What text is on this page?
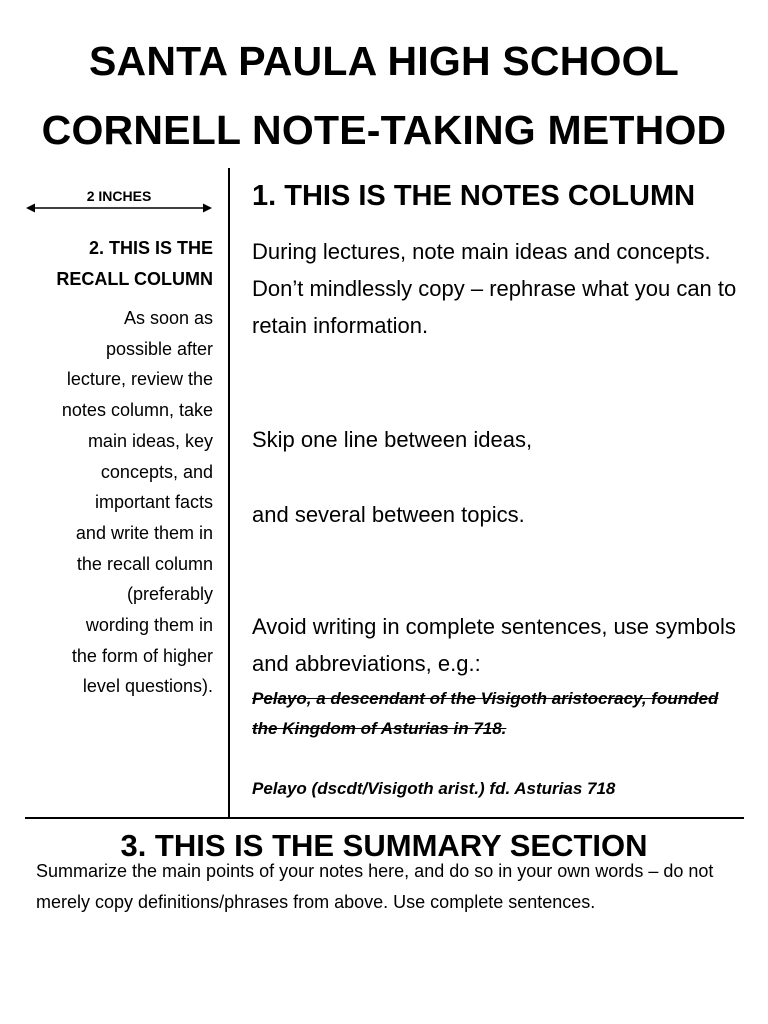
SANTA PAULA HIGH SCHOOL
CORNELL NOTE-TAKING METHOD
2 INCHES
2. THIS IS THE
RECALL COLUMN
As soon as
possible after
lecture, review the
notes column, take
main ideas, key
concepts, and
important facts
and write them in
the recall column
(preferably
wording them in
the form of higher
level questions).
1. THIS IS THE NOTES COLUMN
During lectures, note main ideas and concepts. Don’t mindlessly copy – rephrase what you can to retain information.
Skip one line between ideas,
and several between topics.
Avoid writing in complete sentences, use symbols and abbreviations, e.g.:
Pelayo, a descendant of the Visigoth aristocracy, founded the Kingdom of Asturias in 718.
Pelayo (dscdt/Visigoth arist.) fd. Asturias 718
3. THIS IS THE SUMMARY SECTION
Summarize the main points of your notes here, and do so in your own words – do not merely copy definitions/phrases from above. Use complete sentences.
